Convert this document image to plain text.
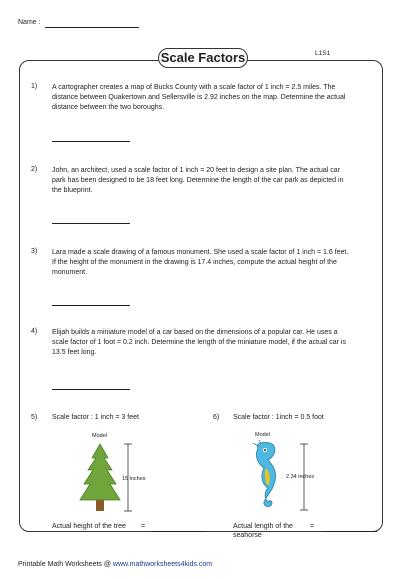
Name :
Scale Factors	L1S1
1) A cartographer creates a map of Bucks County with a scale factor of 1 inch = 2.5 miles. The distance between Quakertown and Sellersville is 2.92 inches on the map. Determine the actual distance between the two boroughs.
2) John, an architect, used a scale factor of 1 inch = 20 feet to design a site plan. The actual car park has been designed to be 18 feet long. Determine the length of the car park as depicted in the blueprint.
3) Lara made a scale drawing of a famous monument. She used a scale factor of 1 inch = 1.6 feet. If the height of the monument in the drawing is 17.4 inches, compute the actual height of the monument.
4) Elijah builds a miniature model of a car based on the dimensions of a popular car. He uses a scale factor of 1 foot = 0.2 inch. Determine the length of the miniature model, if the actual car is 13.5 feet long.
5) Scale factor : 1 inch = 3 feet
Model
15 inches
Actual height of the tree =
6) Scale factor : 1inch = 0.5 foot
Model
2.34 inches
Actual length of the
seahorse
=
Printable Math Worksheets @ www.mathworksheets4kids.com
